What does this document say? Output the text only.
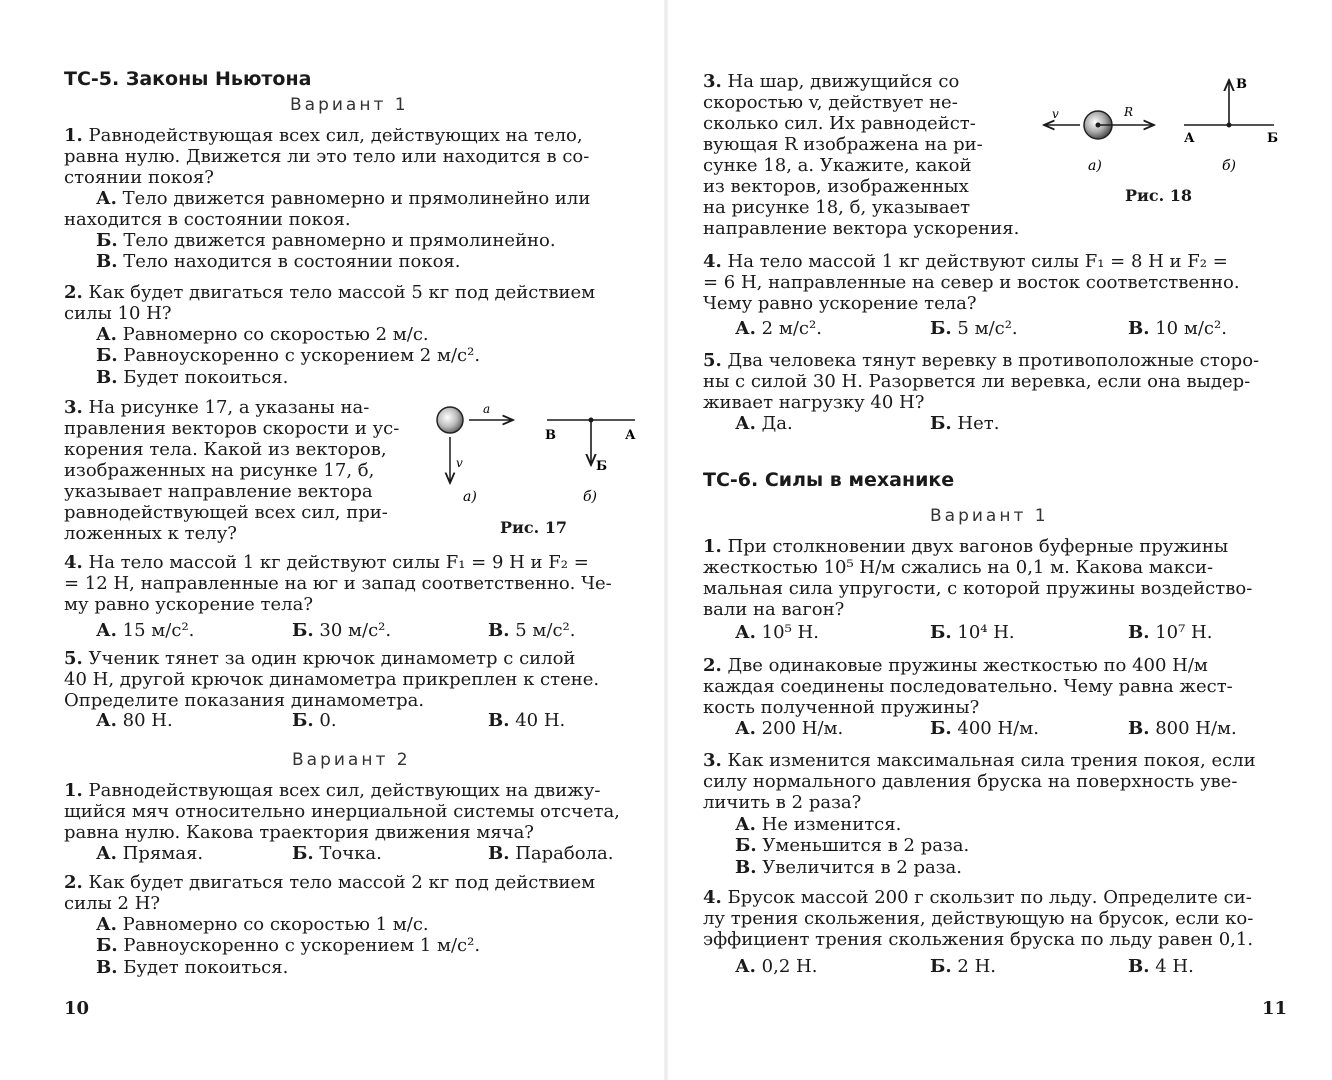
ТС-5. Законы Ньютона
Вариант 1
1. Равнодействующая всех сил, действующих на тело,
равна нулю. Движется ли это тело или находится в со-
стоянии покоя?
А. Тело движется равномерно и прямолинейно или
находится в состоянии покоя.
Б. Тело движется равномерно и прямолинейно.
В. Тело находится в состоянии покоя.
2. Как будет двигаться тело массой 5 кг под действием
силы 10 Н?
А. Равномерно со скоростью 2 м/с.
Б. Равноускоренно с ускорением 2 м/с².
В. Будет покоиться.
3. На рисунке 17, а указаны на-
правления векторов скорости и ус-
корения тела. Какой из векторов,
изображенных на рисунке 17, б,
указывает направление вектора
равнодействующей всех сил, при-
ложенных к телу?
a
v
В	А
Б
а)	б)
Рис. 17
4. На тело массой 1 кг действуют силы F₁ = 9 Н и F₂ =
= 12 Н, направленные на юг и запад соответственно. Че-
му равно ускорение тела?
А. 15 м/с².	Б. 30 м/с².	В. 5 м/с².
5. Ученик тянет за один крючок динамометр с силой
40 Н, другой крючок динамометра прикреплен к стене.
Определите показания динамометра.
А. 80 Н.	Б. 0.	В. 40 Н.
Вариант 2
1. Равнодействующая всех сил, действующих на движу-
щийся мяч относительно инерциальной системы отсчета,
равна нулю. Какова траектория движения мяча?
А. Прямая.	Б. Точка.	В. Парабола.
2. Как будет двигаться тело массой 2 кг под действием
силы 2 Н?
А. Равномерно со скоростью 1 м/с.
Б. Равноускоренно с ускорением 1 м/с².
В. Будет покоиться.
10
3. На шар, движущийся со
скоростью v, действует не-
сколько сил. Их равнодейст-
вующая R изображена на ри-
сунке 18, а. Укажите, какой
из векторов, изображенных
на рисунке 18, б, указывает
направление вектора ускорения.
v	R
В
А	Б
а)	б)
Рис. 18
4. На тело массой 1 кг действуют силы F₁ = 8 Н и F₂ =
= 6 Н, направленные на север и восток соответственно.
Чему равно ускорение тела?
А. 2 м/с².	Б. 5 м/с².	В. 10 м/с².
5. Два человека тянут веревку в противоположные сторо-
ны с силой 30 Н. Разорвется ли веревка, если она выдер-
живает нагрузку 40 Н?
А. Да.	Б. Нет.
ТС-6. Силы в механике
Вариант 1
1. При столкновении двух вагонов буферные пружины
жесткостью 10⁵ Н/м сжались на 0,1 м. Какова макси-
мальная сила упругости, с которой пружины воздейство-
вали на вагон?
А. 10⁵ Н.	Б. 10⁴ Н.	В. 10⁷ Н.
2. Две одинаковые пружины жесткостью по 400 Н/м
каждая соединены последовательно. Чему равна жест-
кость полученной пружины?
А. 200 Н/м.	Б. 400 Н/м.	В. 800 Н/м.
3. Как изменится максимальная сила трения покоя, если
силу нормального давления бруска на поверхность уве-
личить в 2 раза?
А. Не изменится.
Б. Уменьшится в 2 раза.
В. Увеличится в 2 раза.
4. Брусок массой 200 г скользит по льду. Определите си-
лу трения скольжения, действующую на брусок, если ко-
эффициент трения скольжения бруска по льду равен 0,1.
А. 0,2 Н.	Б. 2 Н.	В. 4 Н.
11
